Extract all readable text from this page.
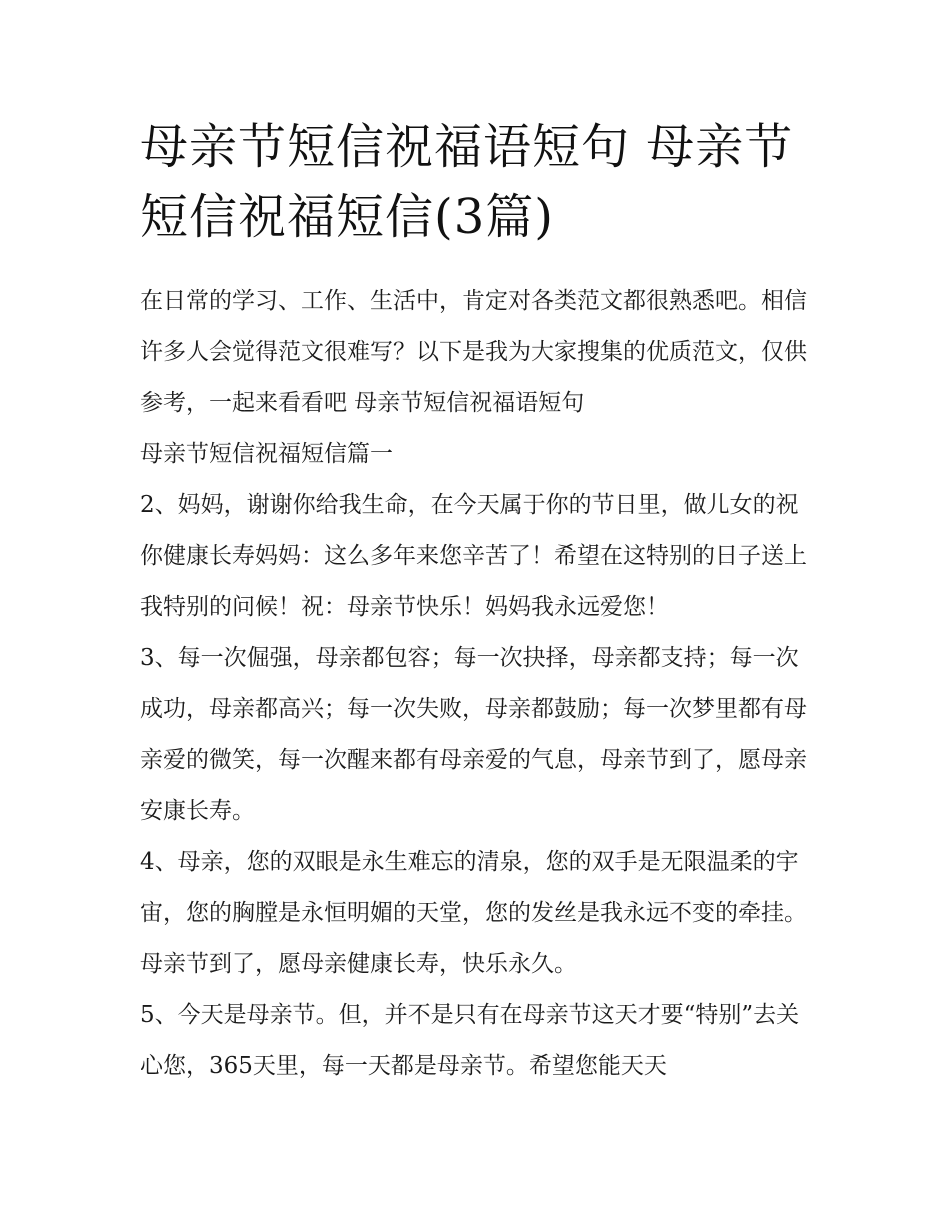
母亲节短信祝福语短句 母亲节短信祝福短信(3篇)

在日常的学习、工作、生活中，肯定对各类范文都很熟悉吧。相信许多人会觉得范文很难写？以下是我为大家搜集的优质范文，仅供参考，一起来看看吧 母亲节短信祝福语短句

母亲节短信祝福短信篇一

2、妈妈，谢谢你给我生命，在今天属于你的节日里，做儿女的祝你健康长寿妈妈：这么多年来您辛苦了！希望在这特别的日子送上我特别的问候！祝：母亲节快乐！妈妈我永远爱您！

3、每一次倔强，母亲都包容；每一次抉择，母亲都支持；每一次成功，母亲都高兴；每一次失败，母亲都鼓励；每一次梦里都有母亲爱的微笑，每一次醒来都有母亲爱的气息，母亲节到了，愿母亲安康长寿。

4、母亲，您的双眼是永生难忘的清泉，您的双手是无限温柔的宇宙，您的胸膛是永恒明媚的天堂，您的发丝是我永远不变的牵挂。母亲节到了，愿母亲健康长寿，快乐永久。

5、今天是母亲节。但，并不是只有在母亲节这天才要“特别”去关心您，365天里，每一天都是母亲节。希望您能天天
